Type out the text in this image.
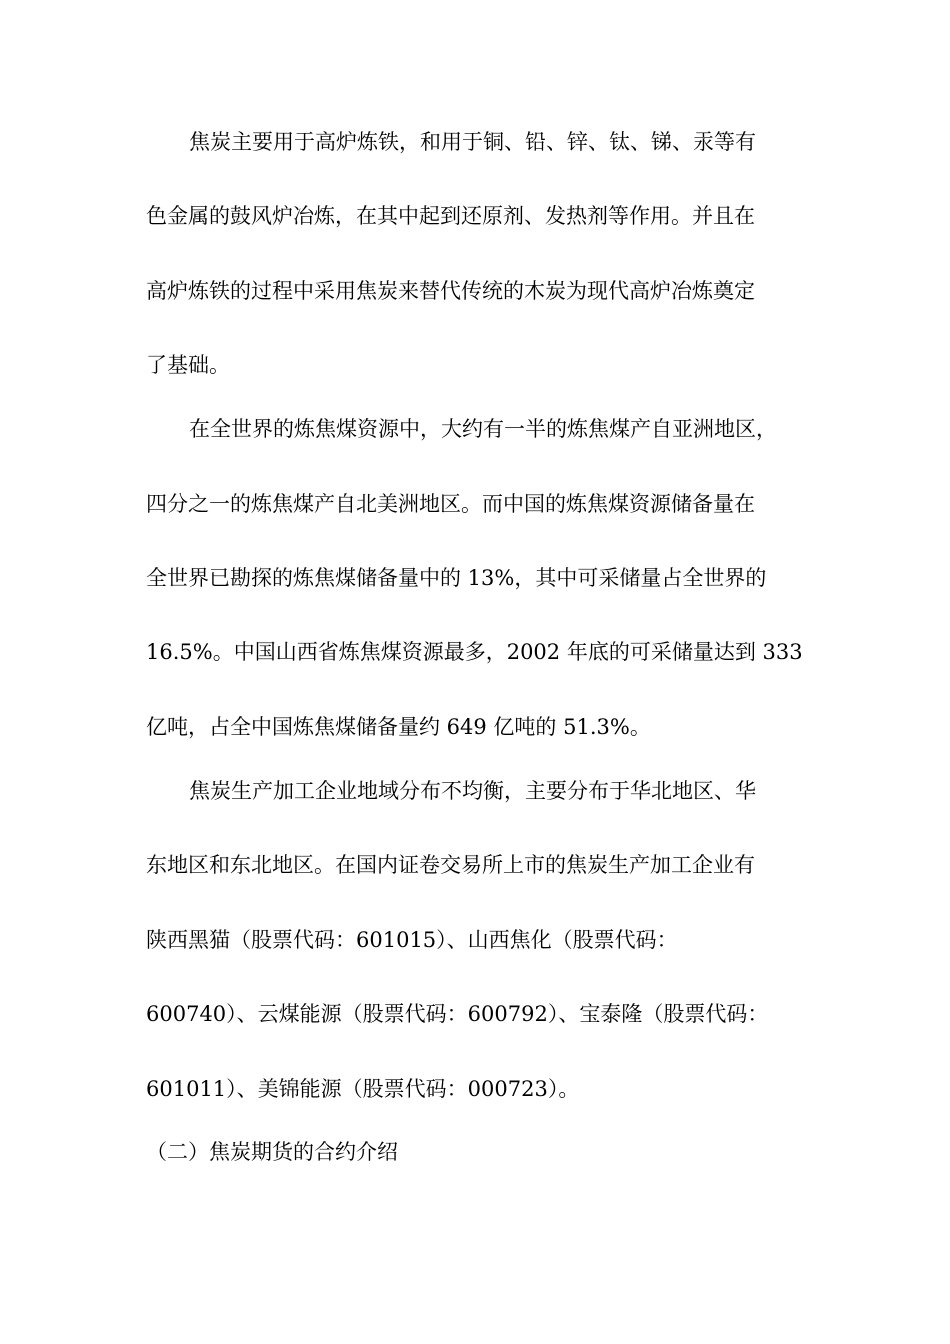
焦炭主要用于高炉炼铁，和用于铜、铅、锌、钛、锑、汞等有
色金属的鼓风炉冶炼，在其中起到还原剂、发热剂等作用。并且在
高炉炼铁的过程中采用焦炭来替代传统的木炭为现代高炉冶炼奠定
了基础。
在全世界的炼焦煤资源中，大约有一半的炼焦煤产自亚洲地区，
四分之一的炼焦煤产自北美洲地区。而中国的炼焦煤资源储备量在
全世界已勘探的炼焦煤储备量中的 13%，其中可采储量占全世界的
16.5%。中国山西省炼焦煤资源最多，2002 年底的可采储量达到 333
亿吨，占全中国炼焦煤储备量约 649 亿吨的 51.3%。
焦炭生产加工企业地域分布不均衡，主要分布于华北地区、华
东地区和东北地区。在国内证卷交易所上市的焦炭生产加工企业有
陕西黑猫（股票代码：601015）、山西焦化（股票代码：
600740）、云煤能源（股票代码：600792）、宝泰隆（股票代码：
601011）、美锦能源（股票代码：000723）。
（二）焦炭期货的合约介绍
